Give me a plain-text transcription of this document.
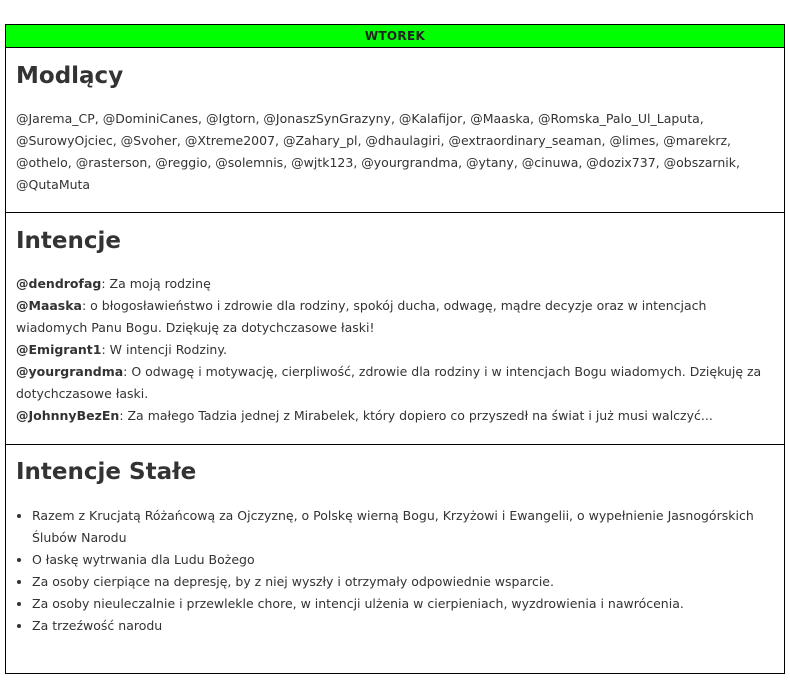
WTOREK
Modlący
@Jarema_CP, @DominiCanes, @Igtorn, @JonaszSynGrazyny, @Kalafijor, @Maaska, @Romska_Palo_Ul_Laputa, @SurowyOjciec, @Svoher, @Xtreme2007, @Zahary_pl, @dhaulagiri, @extraordinary_seaman, @limes, @marekrz, @othelo, @rasterson, @reggio, @solemnis, @wjtk123, @yourgrandma, @ytany, @cinuwa, @dozix737, @obszarnik, @QutaMuta
Intencje
@dendrofag: Za moją rodzinę
@Maaska: o błogosławieństwo i zdrowie dla rodziny, spokój ducha, odwagę, mądre decyzje oraz w intencjach wiadomych Panu Bogu. Dziękuję za dotychczasowe łaski!
@Emigrant1: W intencji Rodziny.
@yourgrandma: O odwagę i motywację, cierpliwość, zdrowie dla rodziny i w intencjach Bogu wiadomych. Dziękuję za dotychczasowe łaski.
@JohnnyBezEn: Za małego Tadzia jednej z Mirabelek, który dopiero co przyszedł na świat i już musi walczyć...
Intencje Stałe
• Razem z Krucjatą Różańcową za Ojczyznę, o Polskę wierną Bogu, Krzyżowi i Ewangelii, o wypełnienie Jasnogórskich Ślubów Narodu
• O łaskę wytrwania dla Ludu Bożego
• Za osoby cierpiące na depresję, by z niej wyszły i otrzymały odpowiednie wsparcie.
• Za osoby nieuleczalnie i przewlekle chore, w intencji ulżenia w cierpieniach, wyzdrowienia i nawrócenia.
• Za trzeźwość narodu
